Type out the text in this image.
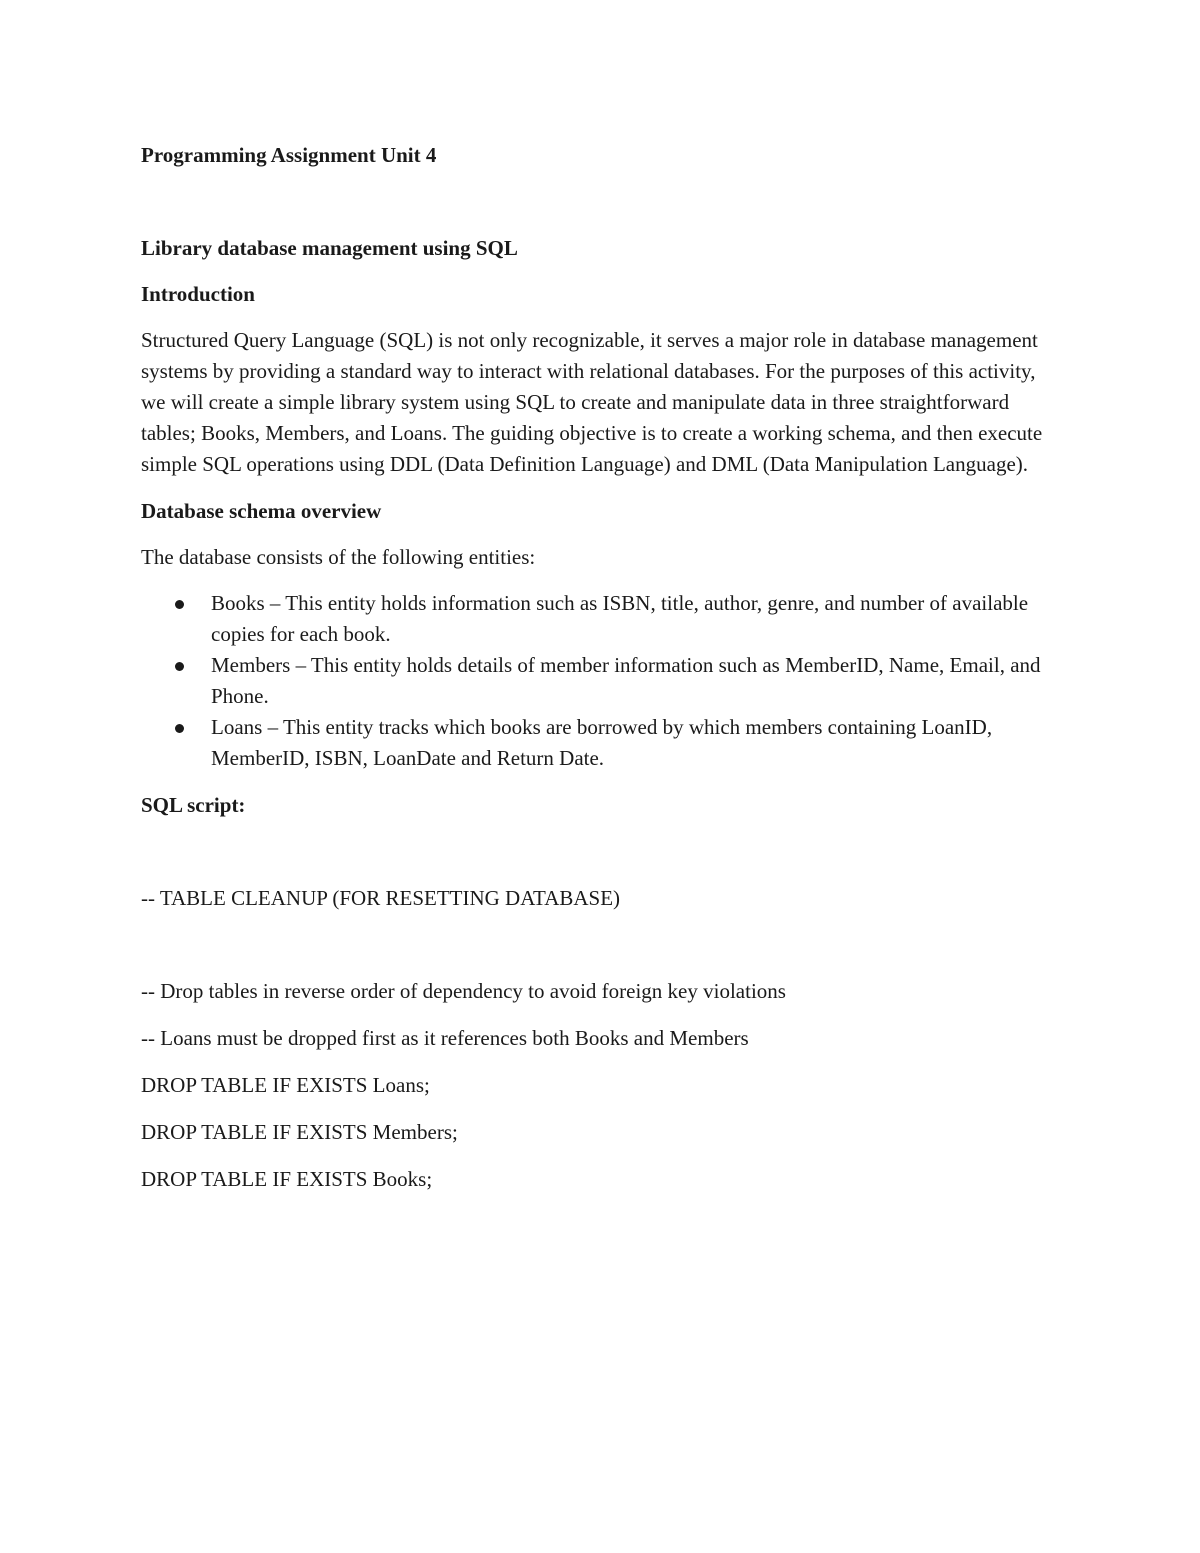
Programming Assignment Unit 4

Library database management using SQL

Introduction

Structured Query Language (SQL) is not only recognizable, it serves a major role in database management systems by providing a standard way to interact with relational databases. For the purposes of this activity, we will create a simple library system using SQL to create and manipulate data in three straightforward tables; Books, Members, and Loans. The guiding objective is to create a working schema, and then execute simple SQL operations using DDL (Data Definition Language) and DML (Data Manipulation Language).

Database schema overview

The database consists of the following entities:

Books – This entity holds information such as ISBN, title, author, genre, and number of available copies for each book.
Members – This entity holds details of member information such as MemberID, Name, Email, and Phone.
Loans – This entity tracks which books are borrowed by which members containing LoanID, MemberID, ISBN, LoanDate and Return Date.

SQL script:

-- TABLE CLEANUP (FOR RESETTING DATABASE)

-- Drop tables in reverse order of dependency to avoid foreign key violations

-- Loans must be dropped first as it references both Books and Members

DROP TABLE IF EXISTS Loans;

DROP TABLE IF EXISTS Members;

DROP TABLE IF EXISTS Books;
